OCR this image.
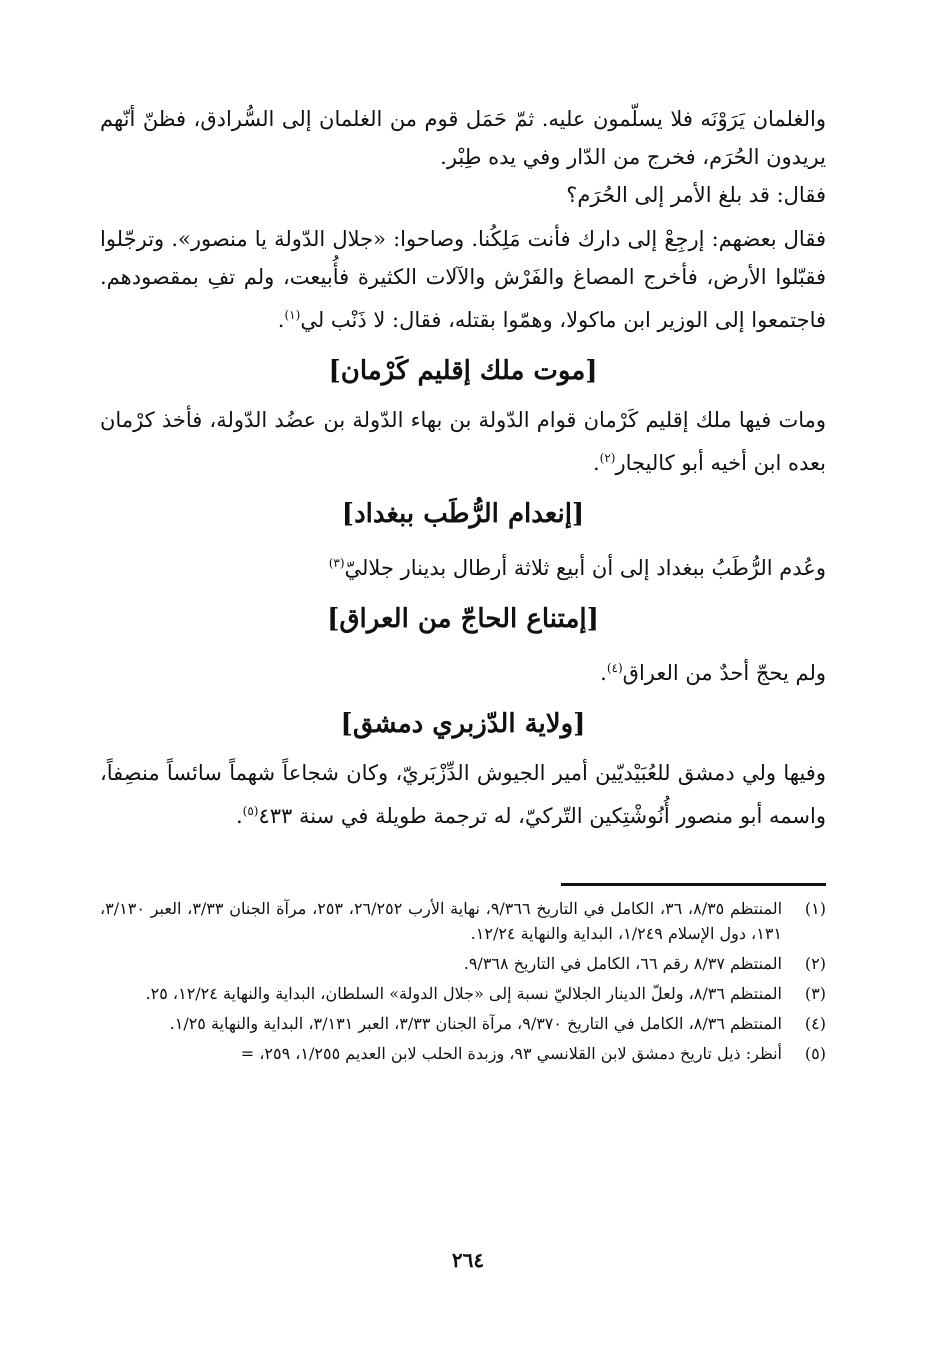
والغلمان يَرَوْنَه فلا يسلّمون عليه. ثمّ حَمَل قوم من الغلمان إلى السُّرادق، فظنّ أنّهم يريدون الحُرَم، فخرج من الدّار وفي يده طِبْر.

فقال: قد بلغ الأمر إلى الحُرَم؟

فقال بعضهم: إرجِعْ إلى دارك فأنت مَلِكُنا. وصاحوا: «جلال الدّولة يا منصور». وترجّلوا فقبّلوا الأرض، فأخرج المصاغ والفَرْش والآلات الكثيرة فأُبيعت، ولم تفِ بمقصودهم. فاجتمعوا إلى الوزير ابن ماكولا، وهمّوا بقتله، فقال: لا ذَنْب لي$^{(١)}$.

[موت ملك إقليم كَرْمان]

ومات فيها ملك إقليم كَرْمان قوام الدّولة بن بهاء الدّولة بن عضُد الدّولة، فأخذ كرْمان بعده ابن أخيه أبو كاليجار$^{(٢)}$.

[إنعدام الرُّطَب ببغداد]

وعُدم الرُّطَبُ ببغداد إلى أن أبيع ثلاثة أرطال بدينار جلاليّ$^{(٣)}$

[إمتناع الحاجّ من العراق]

ولم يحجّ أحدٌ من العراق$^{(٤)}$.

[ولاية الدّزبري دمشق]

وفيها ولي دمشق للعُبَيْديّين أمير الجيوش الدِّزْبَريّ، وكان شجاعاً شهماً سائساً منصِفاً، واسمه أبو منصور أُنُوشْتِكين التّركيّ، له ترجمة طويلة في سنة ٤٣٣$^{(٥)}$.

(١)
المنتظم ٨/٣٥، ٣٦، الكامل في التاريخ ٩/٣٦٦، نهاية الأرب ٢٦/٢٥٢، ٢٥٣، مرآة الجنان ٣/٣٣، العبر ٣/١٣٠، ١٣١، دول الإسلام ١/٢٤٩، البداية والنهاية ١٢/٢٤.
(٢)
المنتظم ٨/٣٧ رقم ٦٦، الكامل في التاريخ ٩/٣٦٨.
(٣)
المنتظم ٨/٣٦، ولعلّ الدينار الجلاليّ نسبة إلى «جلال الدولة» السلطان، البداية والنهاية ١٢/٢٤، ٢٥.
(٤)
المنتظم ٨/٣٦، الكامل في التاريخ ٩/٣٧٠، مرآة الجنان ٣/٣٣، العبر ٣/١٣١، البداية والنهاية ١/٢٥.
(٥)
أنظر: ذيل تاريخ دمشق لابن القلانسي ٩٣، وزبدة الحلب لابن العديم ١/٢٥٥، ٢٥٩، =
٢٦٤
